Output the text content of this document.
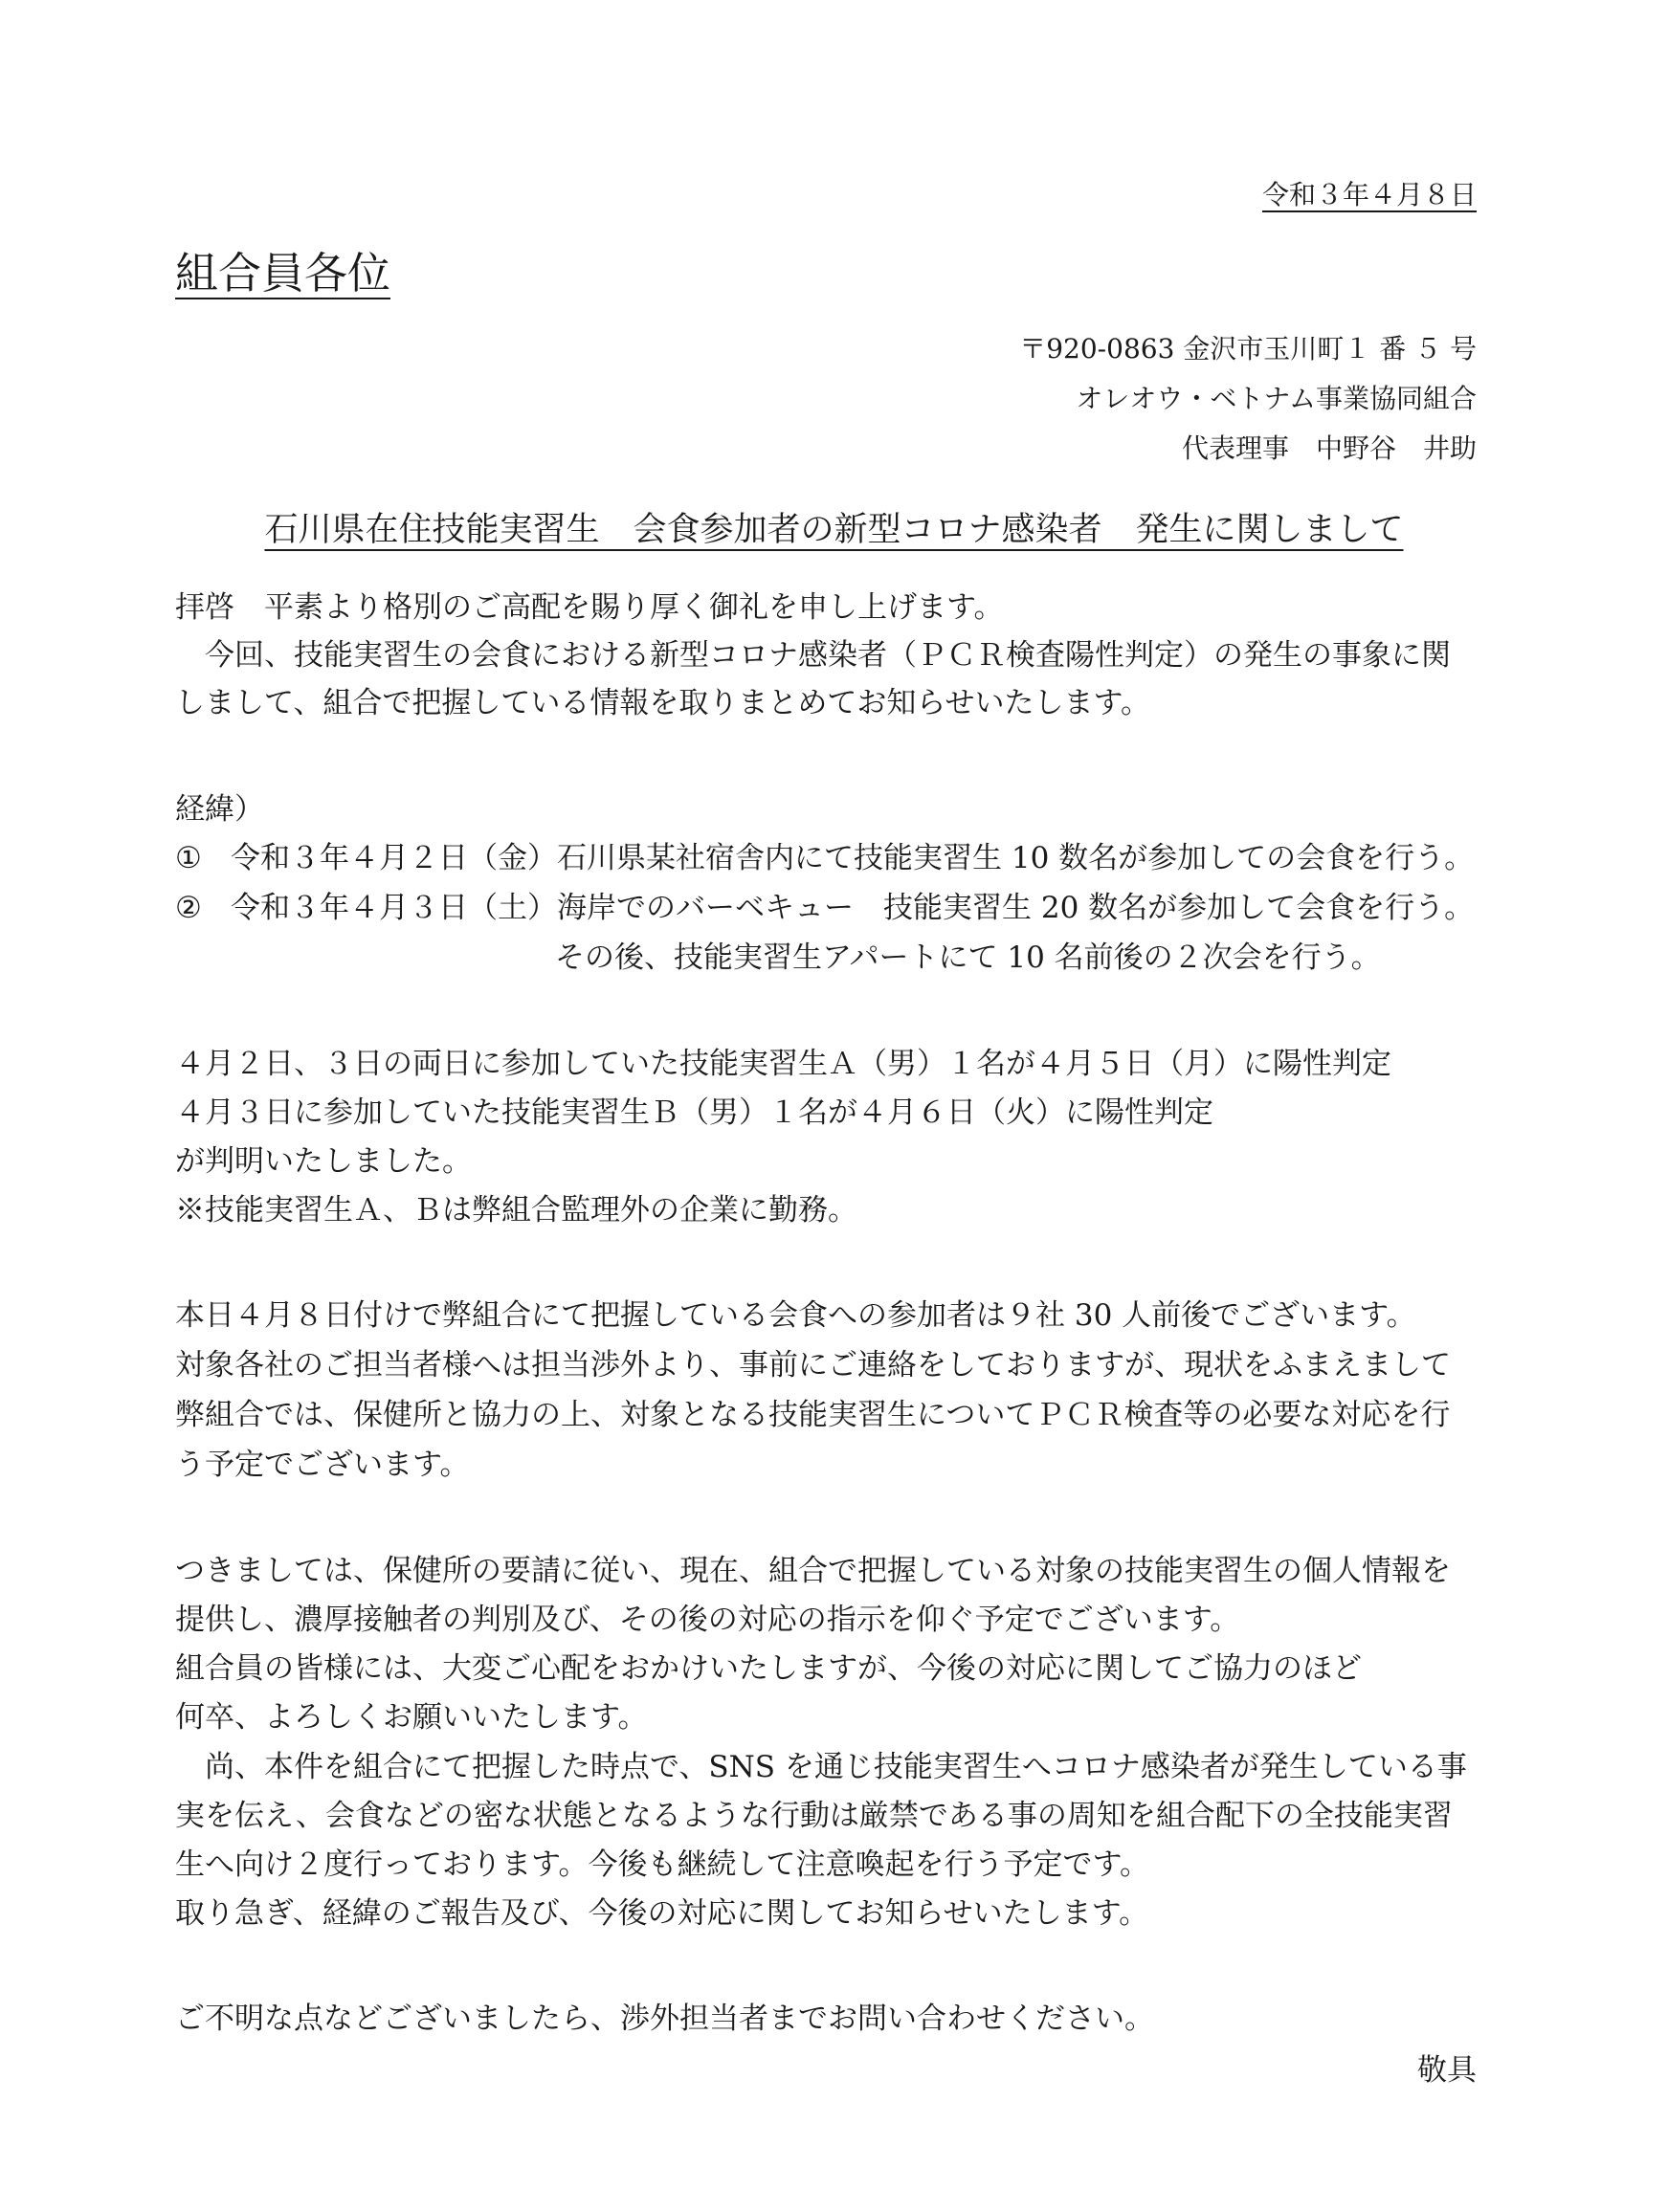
令和３年４月８日
組合員各位
〒920-0863 金沢市玉川町１ 番 ５ 号
オレオウ・ベトナム事業協同組合
代表理事　中野谷　井助
石川県在住技能実習生　会食参加者の新型コロナ感染者　発生に関しまして
拝啓　平素より格別のご高配を賜り厚く御礼を申し上げます。
　今回、技能実習生の会食における新型コロナ感染者（ＰＣＲ検査陽性判定）の発生の事象に関
しまして、組合で把握している情報を取りまとめてお知らせいたします。
経緯）
① 令和３年４月２日（金）石川県某社宿舎内にて技能実習生 10 数名が参加しての会食を行う。
② 令和３年４月３日（土）海岸でのバーベキュー　技能実習生 20 数名が参加して会食を行う。
その後、技能実習生アパートにて 10 名前後の２次会を行う。
４月２日、３日の両日に参加していた技能実習生Ａ（男）１名が４月５日（月）に陽性判定
４月３日に参加していた技能実習生Ｂ（男）１名が４月６日（火）に陽性判定
が判明いたしました。
※技能実習生Ａ、Ｂは弊組合監理外の企業に勤務。
本日４月８日付けで弊組合にて把握している会食への参加者は９社 30 人前後でございます。
対象各社のご担当者様へは担当渉外より、事前にご連絡をしておりますが、現状をふまえまして
弊組合では、保健所と協力の上、対象となる技能実習生についてＰＣＲ検査等の必要な対応を行
う予定でございます。
つきましては、保健所の要請に従い、現在、組合で把握している対象の技能実習生の個人情報を
提供し、濃厚接触者の判別及び、その後の対応の指示を仰ぐ予定でございます。
組合員の皆様には、大変ご心配をおかけいたしますが、今後の対応に関してご協力のほど
何卒、よろしくお願いいたします。
　尚、本件を組合にて把握した時点で、SNS を通じ技能実習生へコロナ感染者が発生している事
実を伝え、会食などの密な状態となるような行動は厳禁である事の周知を組合配下の全技能実習
生へ向け２度行っております。今後も継続して注意喚起を行う予定です。
取り急ぎ、経緯のご報告及び、今後の対応に関してお知らせいたします。
ご不明な点などございましたら、渉外担当者までお問い合わせください。
敬具
